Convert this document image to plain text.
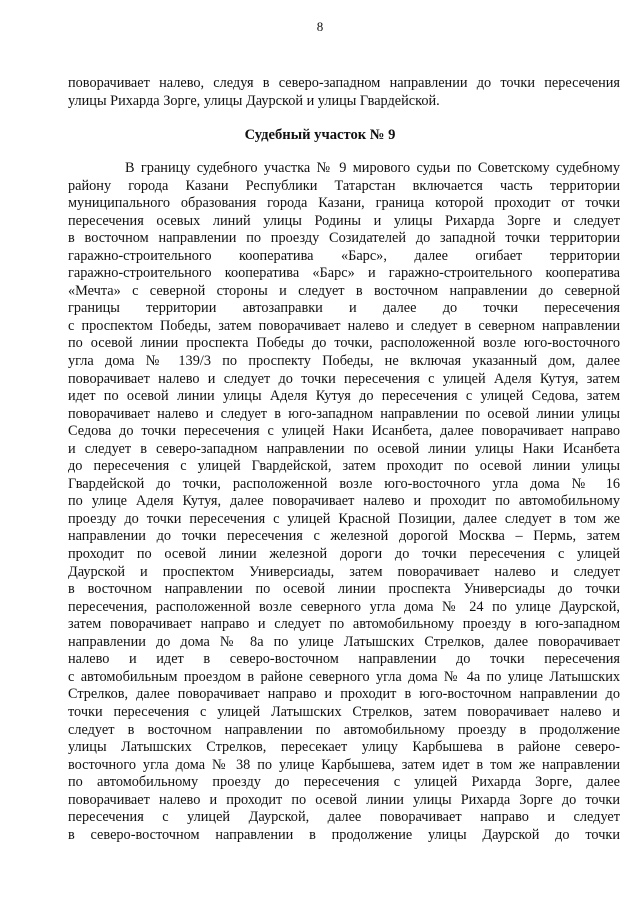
8
поворачивает налево, следуя в северо-западном направлении до точки пересечения
улицы Рихарда Зорге, улицы Даурской и улицы Гвардейской.
Судебный участок № 9
В границу судебного участка № 9 мирового судьи по Советскому судебному
району города Казани Республики Татарстан включается часть территории
муниципального образования города Казани, граница которой проходит от точки
пересечения осевых линий улицы Родины и улицы Рихарда Зорге и следует
в восточном направлении по проезду Созидателей до западной точки территории
гаражно-строительного кооператива «Барс», далее огибает территории
гаражно-строительного кооператива «Барс» и гаражно-строительного кооператива
«Мечта» с северной стороны и следует в восточном направлении до северной
границы территории автозаправки и далее до точки пересечения
с проспектом Победы, затем поворачивает налево и следует в северном направлении
по осевой линии проспекта Победы до точки, расположенной возле юго-восточного
угла дома № 139/3 по проспекту Победы, не включая указанный дом, далее
поворачивает налево и следует до точки пересечения с улицей Аделя Кутуя, затем
идет по осевой линии улицы Аделя Кутуя до пересечения с улицей Седова, затем
поворачивает налево и следует в юго-западном направлении по осевой линии улицы
Седова до точки пересечения с улицей Наки Исанбета, далее поворачивает направо
и следует в северо-западном направлении по осевой линии улицы Наки Исанбета
до пересечения с улицей Гвардейской, затем проходит по осевой линии улицы
Гвардейской до точки, расположенной возле юго-восточного угла дома № 16
по улице Аделя Кутуя, далее поворачивает налево и проходит по автомобильному
проезду до точки пересечения с улицей Красной Позиции, далее следует в том же
направлении до точки пересечения с железной дорогой Москва – Пермь, затем
проходит по осевой линии железной дороги до точки пересечения с улицей
Даурской и проспектом Универсиады, затем поворачивает налево и следует
в восточном направлении по осевой линии проспекта Универсиады до точки
пересечения, расположенной возле северного угла дома № 24 по улице Даурской,
затем поворачивает направо и следует по автомобильному проезду в юго-западном
направлении до дома № 8а по улице Латышских Стрелков, далее поворачивает
налево и идет в северо-восточном направлении до точки пересечения
с автомобильным проездом в районе северного угла дома № 4а по улице Латышских
Стрелков, далее поворачивает направо и проходит в юго-восточном направлении до
точки пересечения с улицей Латышских Стрелков, затем поворачивает налево и
следует в восточном направлении по автомобильному проезду в продолжение
улицы Латышских Стрелков, пересекает улицу Карбышева в районе северо-
восточного угла дома № 38 по улице Карбышева, затем идет в том же направлении
по автомобильному проезду до пересечения с улицей Рихарда Зорге, далее
поворачивает налево и проходит по осевой линии улицы Рихарда Зорге до точки
пересечения с улицей Даурской, далее поворачивает направо и следует
в северо-восточном направлении в продолжение улицы Даурской до точки
